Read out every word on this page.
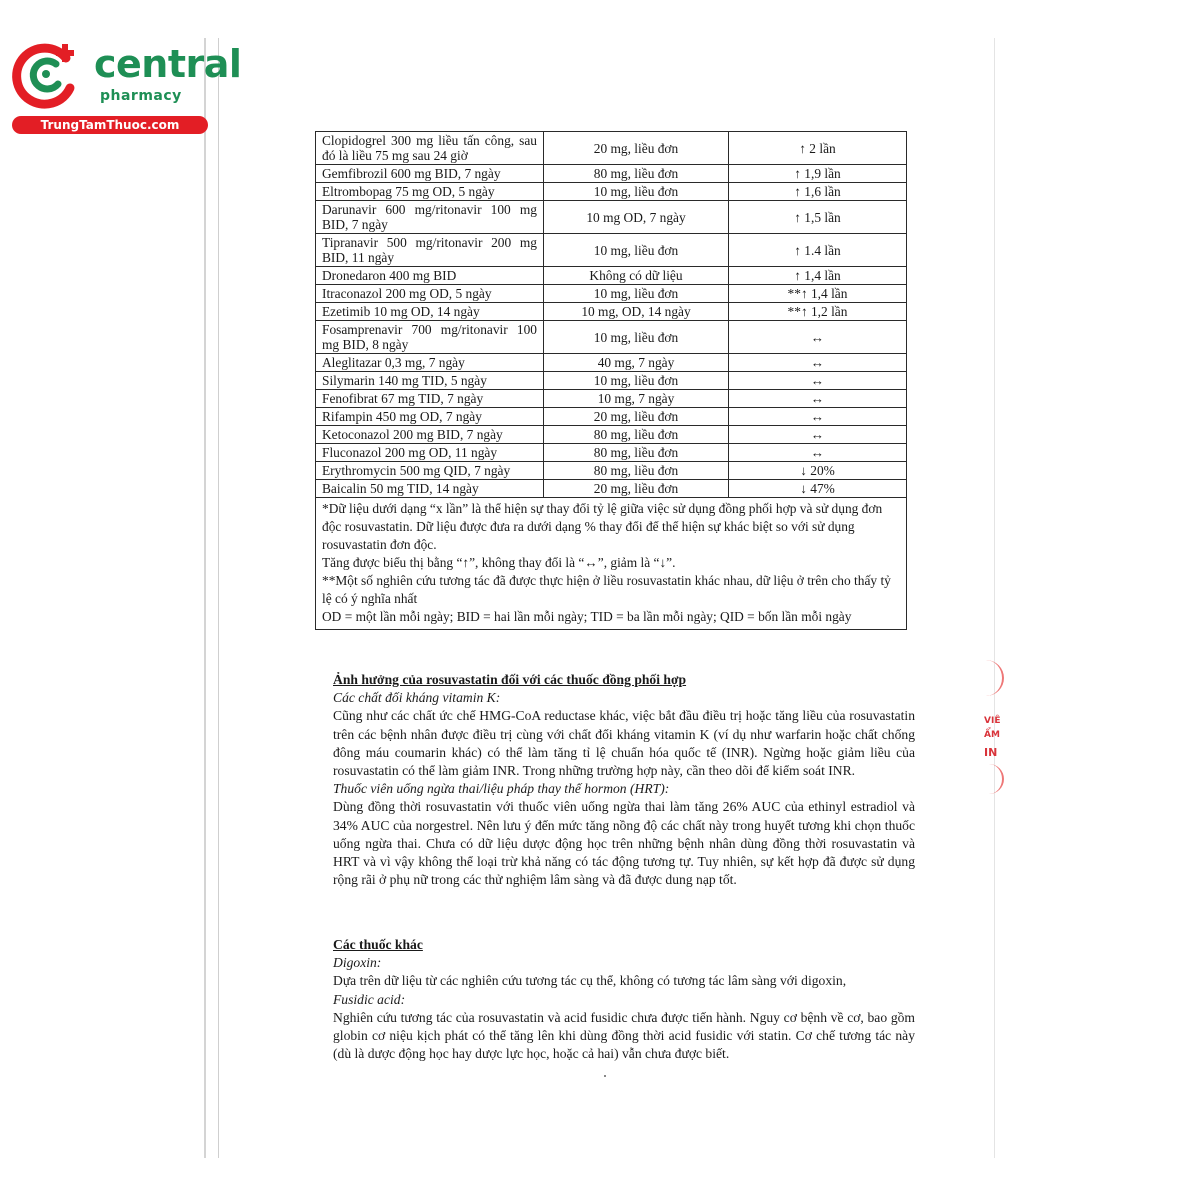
central
pharmacy
TrungTamThuoc.com
Clopidogrel 300 mg liều tấn công, sau đó là liều 75 mg sau 24 giờ	20 mg, liều đơn	↑ 2 lần
Gemfibrozil 600 mg BID, 7 ngày	80 mg, liều đơn	↑ 1,9 lần
Eltrombopag 75 mg OD, 5 ngày	10 mg, liều đơn	↑ 1,6 lần
Darunavir 600 mg/ritonavir 100 mg BID, 7 ngày	10 mg OD, 7 ngày	↑ 1,5 lần
Tipranavir 500 mg/ritonavir 200 mg BID, 11 ngày	10 mg, liều đơn	↑ 1.4 lần
Dronedaron 400 mg BID	Không có dữ liệu	↑ 1,4 lần
Itraconazol 200 mg OD, 5 ngày	10 mg, liều đơn	**↑ 1,4 lần
Ezetimib 10 mg OD, 14 ngày	10 mg, OD, 14 ngày	**↑ 1,2 lần
Fosamprenavir 700 mg/ritonavir 100 mg BID, 8 ngày	10 mg, liều đơn	↔
Aleglitazar 0,3 mg, 7 ngày	40 mg, 7 ngày	↔
Silymarin 140 mg TID, 5 ngày	10 mg, liều đơn	↔
Fenofibrat 67 mg TID, 7 ngày	10 mg, 7 ngày	↔
Rifampin 450 mg OD, 7 ngày	20 mg, liều đơn	↔
Ketoconazol 200 mg BID, 7 ngày	80 mg, liều đơn	↔
Fluconazol 200 mg OD, 11 ngày	80 mg, liều đơn	↔
Erythromycin 500 mg QID, 7 ngày	80 mg, liều đơn	↓ 20%
Baicalin 50 mg TID, 14 ngày	20 mg, liều đơn	↓ 47%

*Dữ liệu dưới dạng “x lần” là thể hiện sự thay đổi tỷ lệ giữa việc sử dụng đồng phối hợp và sử dụng đơn độc rosuvastatin. Dữ liệu được đưa ra dưới dạng % thay đổi để thể hiện sự khác biệt so với sử dụng rosuvastatin đơn độc.
Tăng được biểu thị bằng “↑”, không thay đổi là “↔”, giảm là “↓”.
**Một số nghiên cứu tương tác đã được thực hiện ở liều rosuvastatin khác nhau, dữ liệu ở trên cho thấy tỷ lệ có ý nghĩa nhất
OD = một lần mỗi ngày; BID = hai lần mỗi ngày; TID = ba lần mỗi ngày; QID = bốn lần mỗi ngày		
Ảnh hưởng của rosuvastatin đối với các thuốc đồng phối hợp
Các chất đối kháng vitamin K:
Cũng như các chất ức chế HMG-CoA reductase khác, việc bắt đầu điều trị hoặc tăng liều của rosuvastatin trên các bệnh nhân được điều trị cùng với chất đối kháng vitamin K (ví dụ như warfarin hoặc chất chống đông máu coumarin khác) có thể làm tăng tỉ lệ chuẩn hóa quốc tế (INR). Ngừng hoặc giảm liều của rosuvastatin có thể làm giảm INR. Trong những trường hợp này, cần theo dõi để kiểm soát INR.
Thuốc viên uống ngừa thai/liệu pháp thay thế hormon (HRT):
Dùng đồng thời rosuvastatin với thuốc viên uống ngừa thai làm tăng 26% AUC của ethinyl estradiol và 34% AUC của norgestrel. Nên lưu ý đến mức tăng nồng độ các chất này trong huyết tương khi chọn thuốc uống ngừa thai. Chưa có dữ liệu dược động học trên những bệnh nhân dùng đồng thời rosuvastatin và HRT và vì vậy không thể loại trừ khả năng có tác động tương tự. Tuy nhiên, sự kết hợp đã được sử dụng rộng rãi ở phụ nữ trong các thử nghiệm lâm sàng và đã được dung nạp tốt.
Các thuốc khác
Digoxin:
Dựa trên dữ liệu từ các nghiên cứu tương tác cụ thể, không có tương tác lâm sàng với digoxin,
Fusidic acid:
Nghiên cứu tương tác của rosuvastatin và acid fusidic chưa được tiến hành. Nguy cơ bệnh về cơ, bao gồm globin cơ niệu kịch phát có thể tăng lên khi dùng đồng thời acid fusidic với statin. Cơ chế tương tác này (dù là dược động học hay dược lực học, hoặc cả hai) vẫn chưa được biết.
VIÊ
ẨM
IN
